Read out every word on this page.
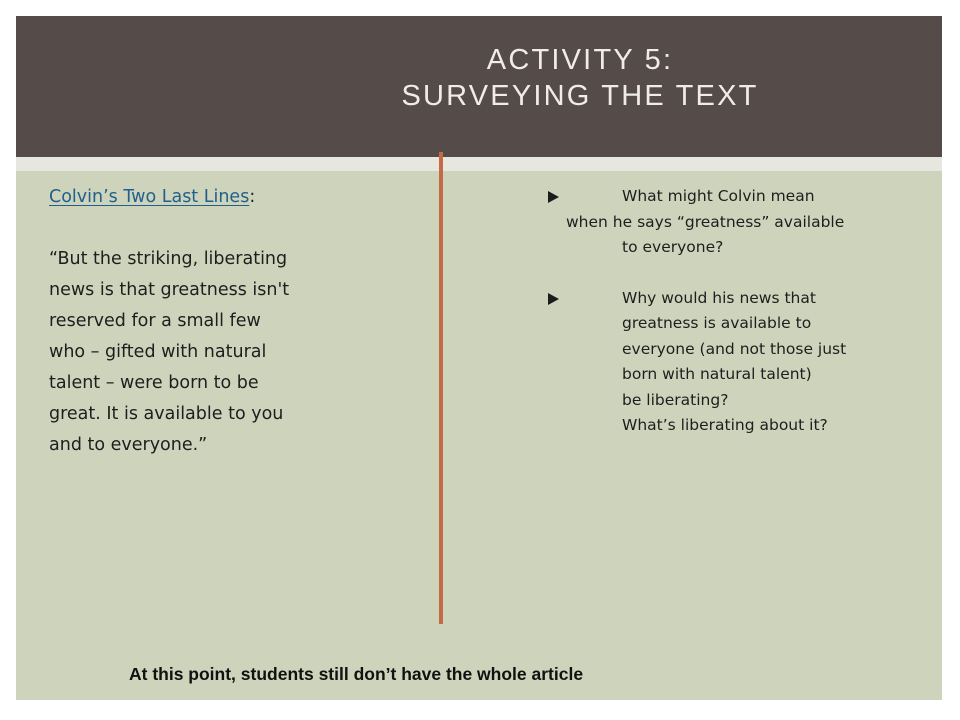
ACTIVITY 5:
SURVEYING THE TEXT
Colvin’s Two Last Lines:
“But the striking, liberating
news is that greatness isn't
reserved for a small few
who – gifted with natural
talent – were born to be
great. It is available to you
and to everyone.”
What might Colvin mean
when he says “greatness” available
to everyone?
Why would his news that
greatness is available to
everyone (and not those just
born with natural talent)
be liberating?
What’s liberating about it?
At this point, students still don’t have the whole article
